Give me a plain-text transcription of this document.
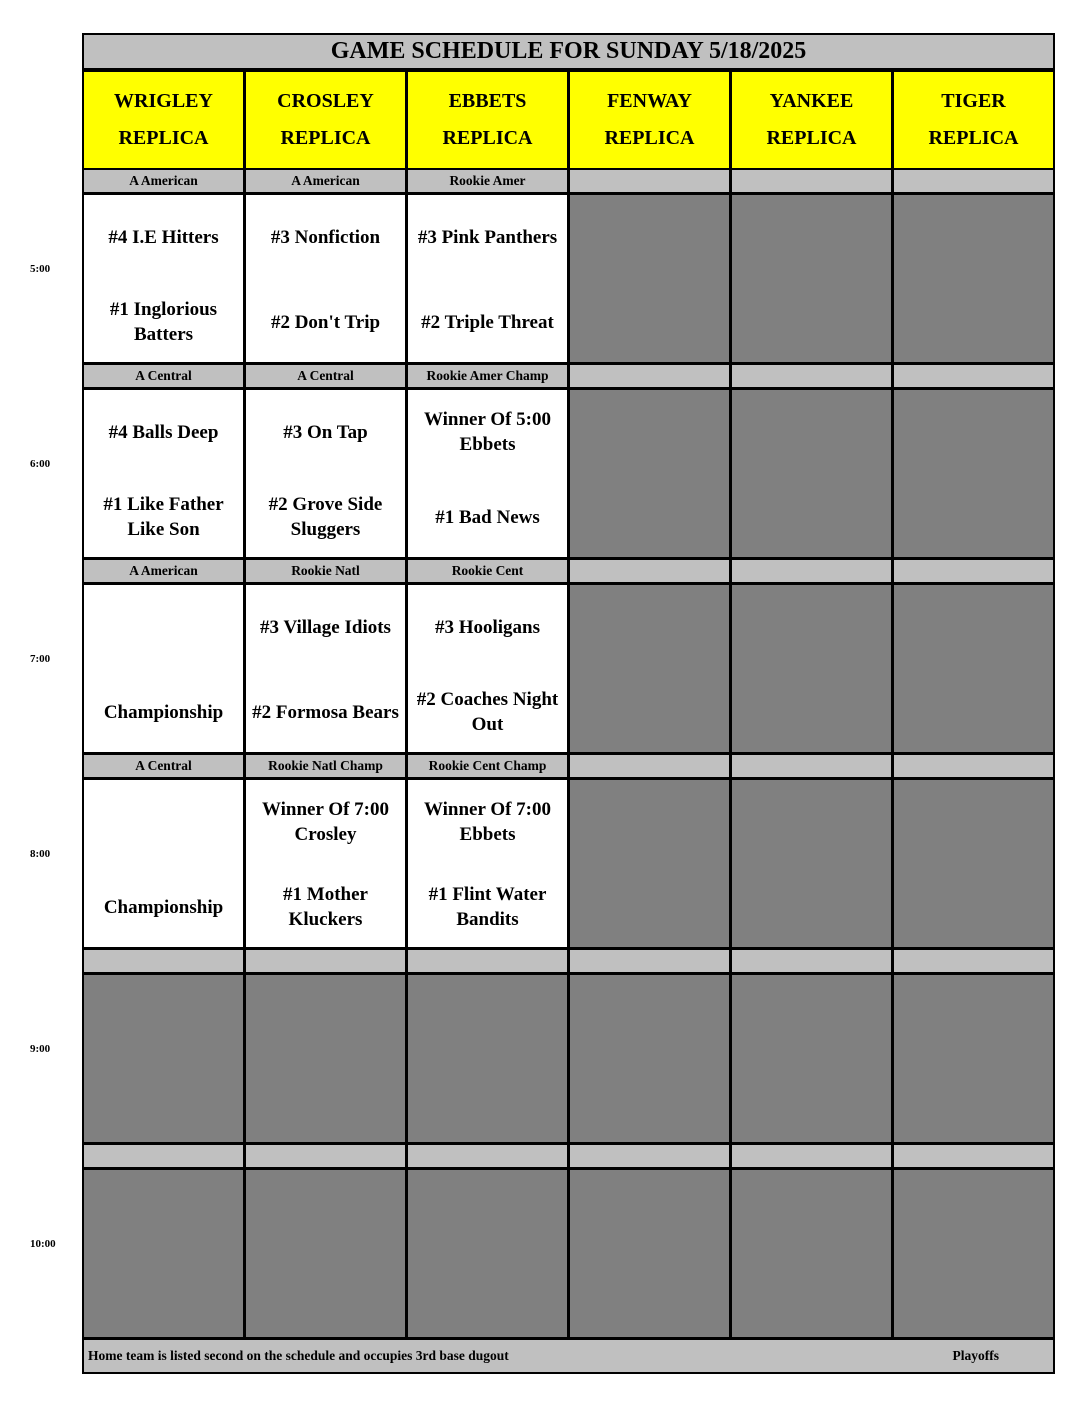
GAME SCHEDULE FOR SUNDAY 5/18/2025
WRIGLEY
REPLICA
CROSLEY
REPLICA
EBBETS
REPLICA
FENWAY
REPLICA
YANKEE
REPLICA
TIGER
REPLICA
A American
#4 I.E Hitters
#1 Inglorious Batters
A American
#3 Nonfiction
#2 Don't Trip
Rookie Amer
#3 Pink Panthers
#2 Triple Threat
A Central
#4 Balls Deep
#1 Like Father Like Son
A Central
#3 On Tap
#2 Grove Side Sluggers
Rookie Amer Champ
Winner Of 5:00 Ebbets
#1 Bad News
A American
Championship
Rookie Natl
#3 Village Idiots
#2 Formosa Bears
Rookie Cent
#3 Hooligans
#2 Coaches Night Out
A Central
Championship
Rookie Natl Champ
Winner Of 7:00 Crosley
#1 Mother Kluckers
Rookie Cent Champ
Winner Of 7:00 Ebbets
#1 Flint Water Bandits
5:00
6:00
7:00
8:00
9:00
10:00
Home team is listed second on the schedule and occupies 3rd base dugout	Playoffs
